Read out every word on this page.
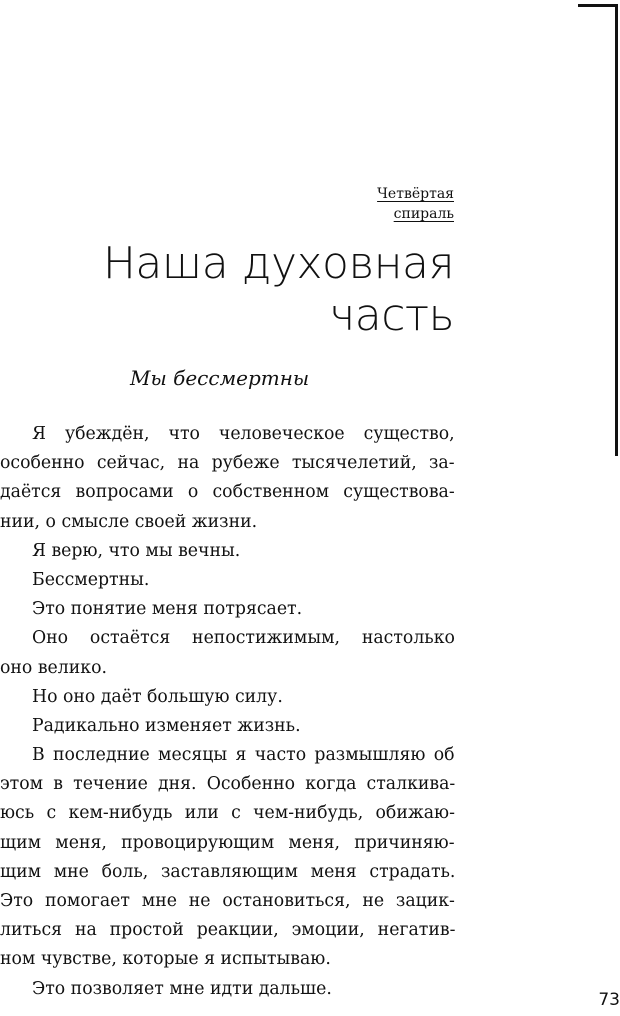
Четвёртая
спираль
Наша духовная
часть
Мы бессмертны
Я убеждён, что человеческое существо,
особенно сейчас, на рубеже тысячелетий, за-
даётся вопросами о собственном существова-
нии, о смысле своей жизни.
Я верю, что мы вечны.
Бессмертны.
Это понятие меня потрясает.
Оно остаётся непостижимым, настолько
оно велико.
Но оно даёт большую силу.
Радикально изменяет жизнь.
В последние месяцы я часто размышляю об
этом в течение дня. Особенно когда сталкива-
юсь с кем-нибудь или с чем-нибудь, обижаю-
щим меня, провоцирующим меня, причиняю-
щим мне боль, заставляющим меня страдать.
Это помогает мне не остановиться, не зацик-
литься на простой реакции, эмоции, негатив-
ном чувстве, которые я испытываю.
Это позволяет мне идти дальше.
73
